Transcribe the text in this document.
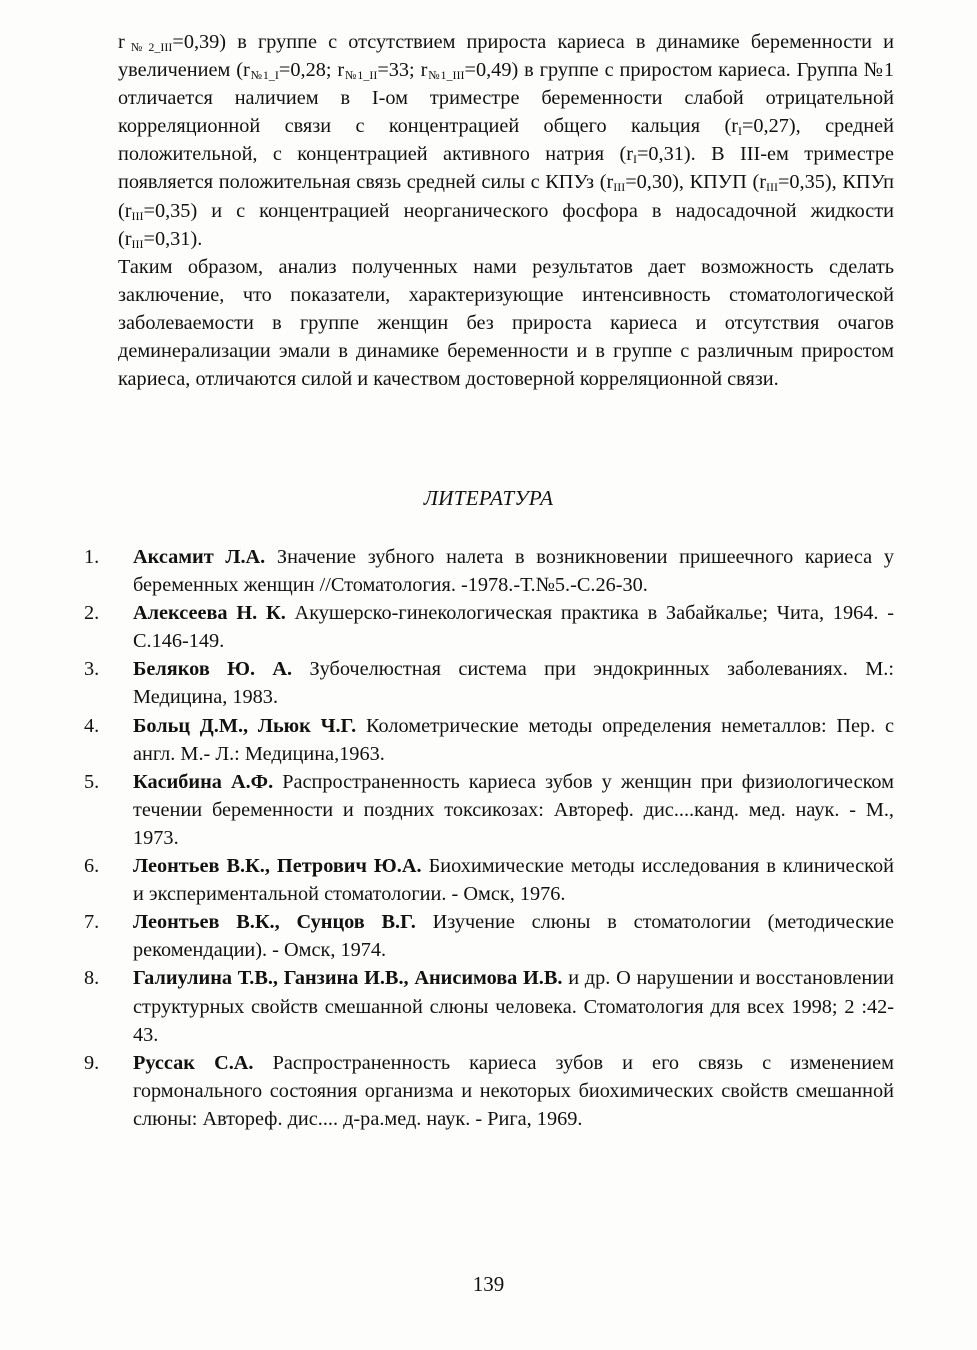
$r_{№2\_III}=0,39$) в группе с отсутствием прироста кариеса в динамике беременности и увеличением ($r_{№1\_I}=0,28$; $r_{№1\_II}=33$; $r_{№1\_III}=0,49$) в группе с приростом кариеса. Группа №1 отличается наличием в I-ом триместре беременности слабой отрицательной корреляционной связи с концентрацией общего кальция $(r_I=0,27)$, средней положительной, с концентрацией активного натрия $(r_I=0,31)$. В III-ем триместре появляется положительная связь средней силы с КПУз $(r_{III}=0,30)$, КПУП $(r_{III}=0,35)$, КПУп $(r_{III}=0,35)$ и с концентрацией неорганического фосфора в надосадочной жидкости $(r_{III}=0,31)$.

Таким образом, анализ полученных нами результатов дает возможность сделать заключение, что показатели, характеризующие интенсивность стоматологической заболеваемости в группе женщин без прироста кариеса и отсутствия очагов деминерализации эмали в динамике беременности и в группе с различным приростом кариеса, отличаются силой и качеством достоверной корреляционной связи.

ЛИТЕРАТУРА
1. Аксамит Л.А. Значение зубного налета в возникновении пришеечного кариеса у беременных женщин //Стоматология. -1978.-Т.№5.-С.26-30.
2. Алексеева Н. К. Акушерско-гинекологическая практика в Забайкалье; Чита, 1964. - С.146-149.
3. Беляков Ю. А. Зубочелюстная система при эндокринных заболеваниях. М.: Медицина, 1983.
4. Больц Д.М., Льюк Ч.Г. Колометрические методы определения неметаллов: Пер. с англ. М.- Л.: Медицина,1963.
5. Касибина А.Ф. Распространенность кариеса зубов у женщин при физиологическом течении беременности и поздних токсикозах: Автореф. дис....канд. мед. наук. - М., 1973.
6. Леонтьев В.К., Петрович Ю.А. Биохимические методы исследования в клинической и экспериментальной стоматологии. - Омск, 1976.
7. Леонтьев В.К., Сунцов В.Г. Изучение слюны в стоматологии (методические рекомендации). - Омск, 1974.
8. Галиулина Т.В., Ганзина И.В., Анисимова И.В. и др. О нарушении и восстановлении структурных свойств смешанной слюны человека. Стоматология для всех 1998; 2 :42-43.
9. Руссак С.А. Распространенность кариеса зубов и его связь с изменением гормонального состояния организма и некоторых биохимических свойств смешанной слюны: Автореф. дис.... д-ра.мед. наук. - Рига, 1969.
139
